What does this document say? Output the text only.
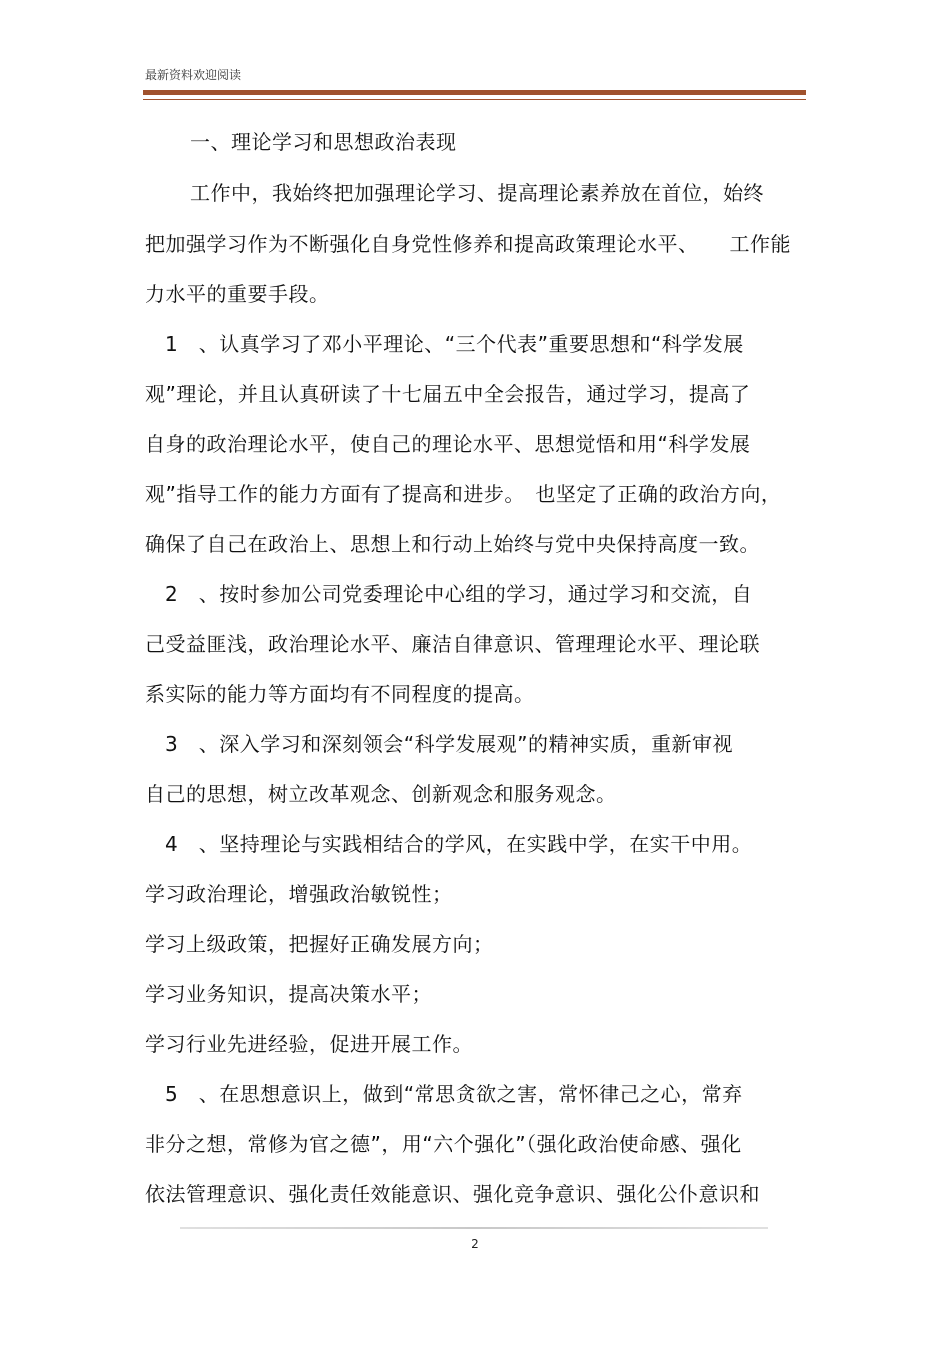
最新资料欢迎阅读
一、理论学习和思想政治表现
工作中，我始终把加强理论学习、提高理论素养放在首位，始终
把加强学习作为不断强化自身党性修养和提高政策理论水平、　　工作能
力水平的重要手段。
1　、认真学习了邓小平理论、“三个代表”重要思想和“科学发展
观”理论，并且认真研读了十七届五中全会报告，通过学习，提高了
自身的政治理论水平，使自己的理论水平、思想觉悟和用“科学发展
观”指导工作的能力方面有了提高和进步。　也坚定了正确的政治方向，
确保了自己在政治上、思想上和行动上始终与党中央保持高度一致。
2　、按时参加公司党委理论中心组的学习，通过学习和交流，自
己受益匪浅，政治理论水平、廉洁自律意识、管理理论水平、理论联
系实际的能力等方面均有不同程度的提高。
3　、深入学习和深刻领会“科学发展观”的精神实质，重新审视
自己的思想，树立改革观念、创新观念和服务观念。
4　、坚持理论与实践相结合的学风，在实践中学，在实干中用。
学习政治理论，增强政治敏锐性；
学习上级政策，把握好正确发展方向；
学习业务知识，提高决策水平；
学习行业先进经验，促进开展工作。
5　、在思想意识上，做到“常思贪欲之害，常怀律己之心，常弃
非分之想，常修为官之德”，用“六个强化”（强化政治使命感、强化
依法管理意识、强化责任效能意识、强化竞争意识、强化公仆意识和
2
